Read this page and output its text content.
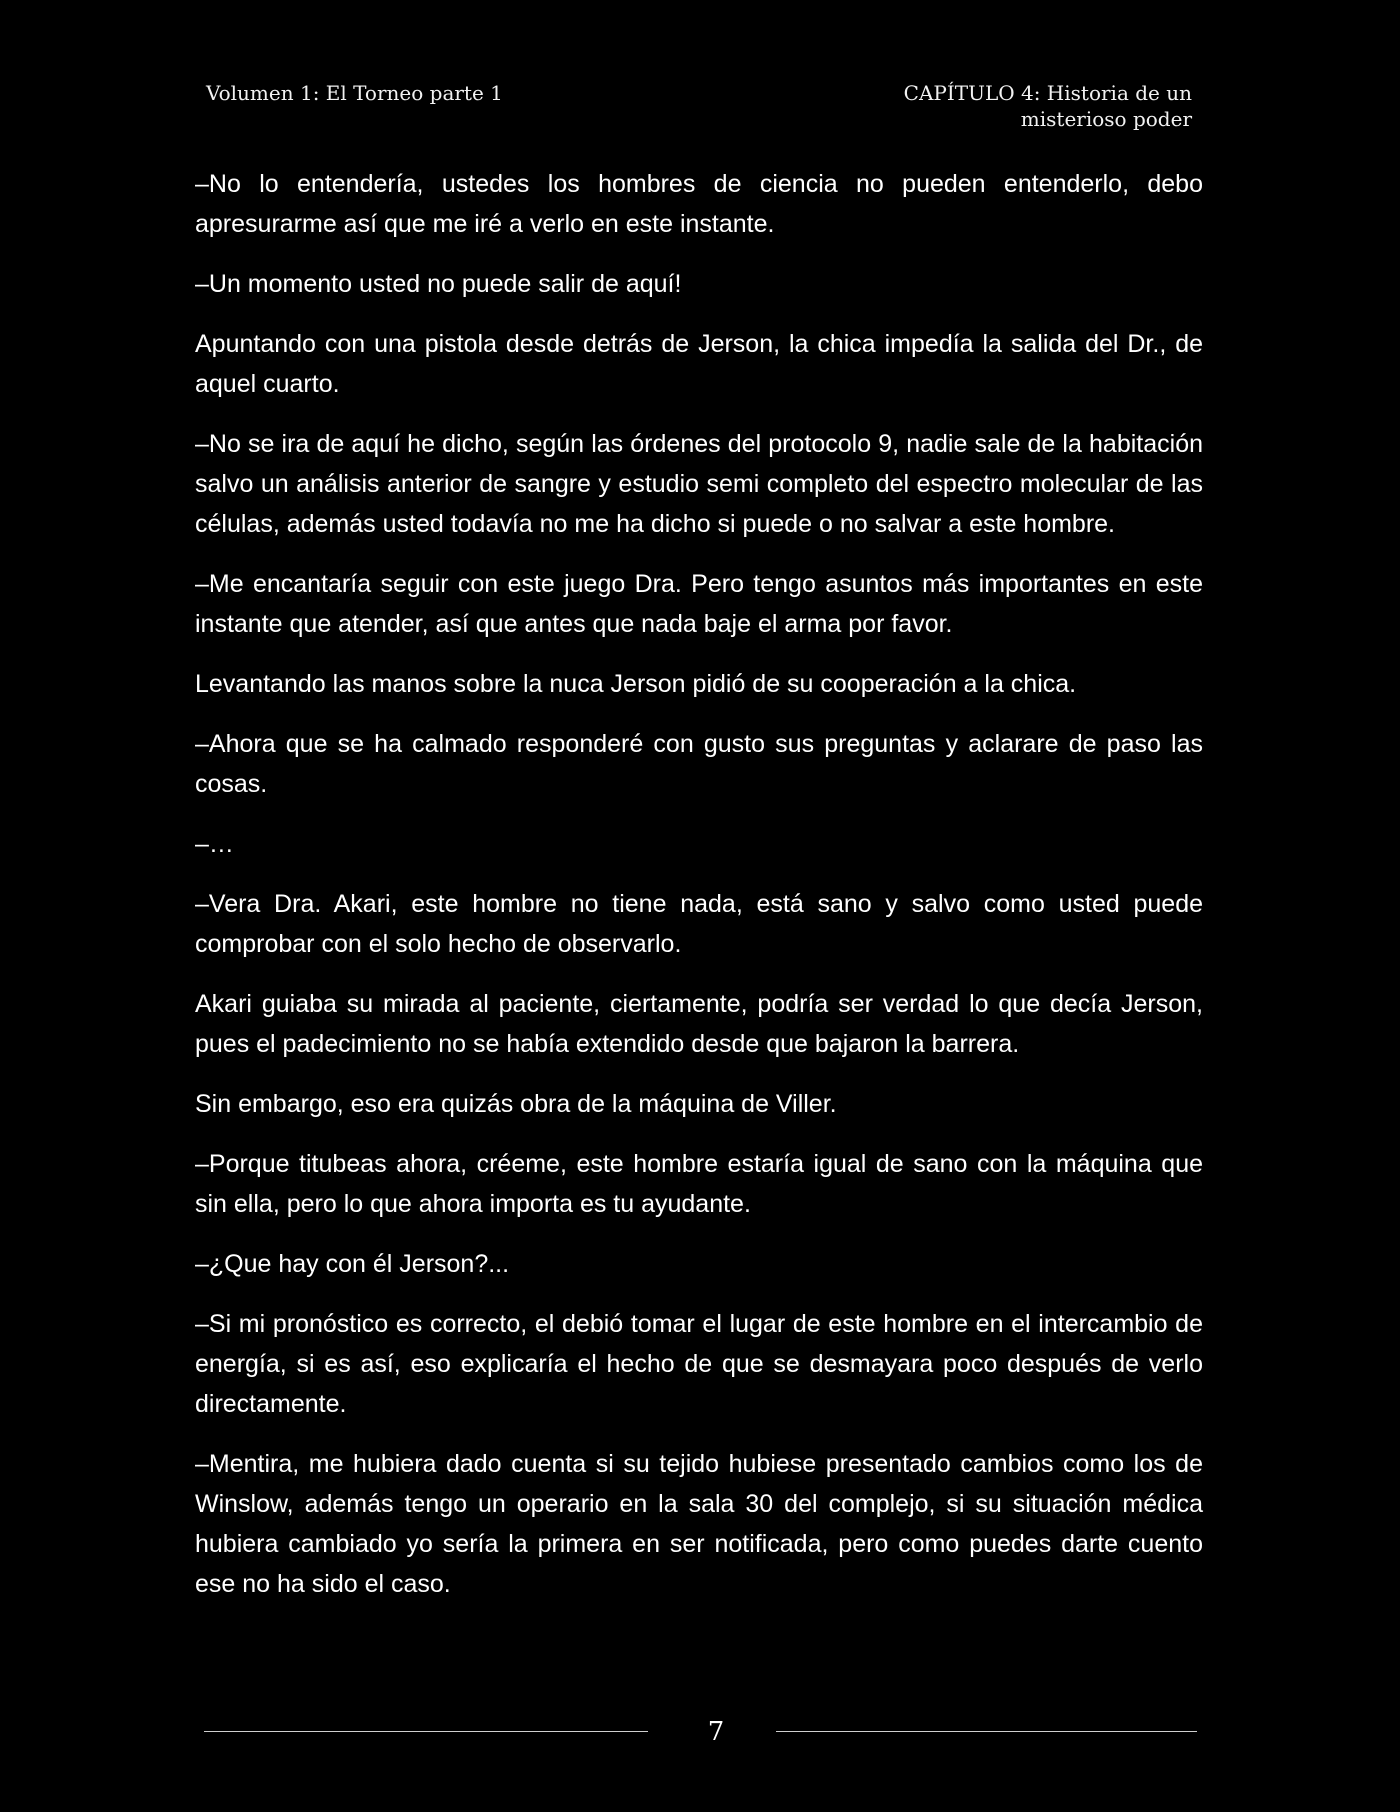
Volumen 1: El Torneo parte 1	CAPÍTULO 4: Historia de un
misterioso poder

–No lo entendería, ustedes los hombres de ciencia no pueden entenderlo, debo apresurarme así que me iré a verlo en este instante.

–Un momento usted no puede salir de aquí!

Apuntando con una pistola desde detrás de Jerson, la chica impedía la salida del Dr., de aquel cuarto.

–No se ira de aquí he dicho, según las órdenes del protocolo 9, nadie sale de la habitación salvo un análisis anterior de sangre y estudio semi completo del espectro molecular de las células, además usted todavía no me ha dicho si puede o no salvar a este hombre.

–Me encantaría seguir con este juego Dra. Pero tengo asuntos más importantes en este instante que atender, así que antes que nada baje el arma por favor.

Levantando las manos sobre la nuca Jerson pidió de su cooperación a la chica.

–Ahora que se ha calmado responderé con gusto sus preguntas y aclarare de paso las cosas.

–…

–Vera Dra. Akari, este hombre no tiene nada, está sano y salvo como usted puede comprobar con el solo hecho de observarlo.

Akari guiaba su mirada al paciente, ciertamente, podría ser verdad lo que decía Jerson, pues el padecimiento no se había extendido desde que bajaron la barrera.

Sin embargo, eso era quizás obra de la máquina de Viller.

–Porque titubeas ahora, créeme, este hombre estaría igual de sano con la máquina que sin ella, pero lo que ahora importa es tu ayudante.

–¿Que hay con él Jerson?...

–Si mi pronóstico es correcto, el debió tomar el lugar de este hombre en el intercambio de energía, si es así, eso explicaría el hecho de que se desmayara poco después de verlo directamente.

–Mentira, me hubiera dado cuenta si su tejido hubiese presentado cambios como los de Winslow, además tengo un operario en la sala 30 del complejo, si su situación médica hubiera cambiado yo sería la primera en ser notificada, pero como puedes darte cuento ese no ha sido el caso.

7
